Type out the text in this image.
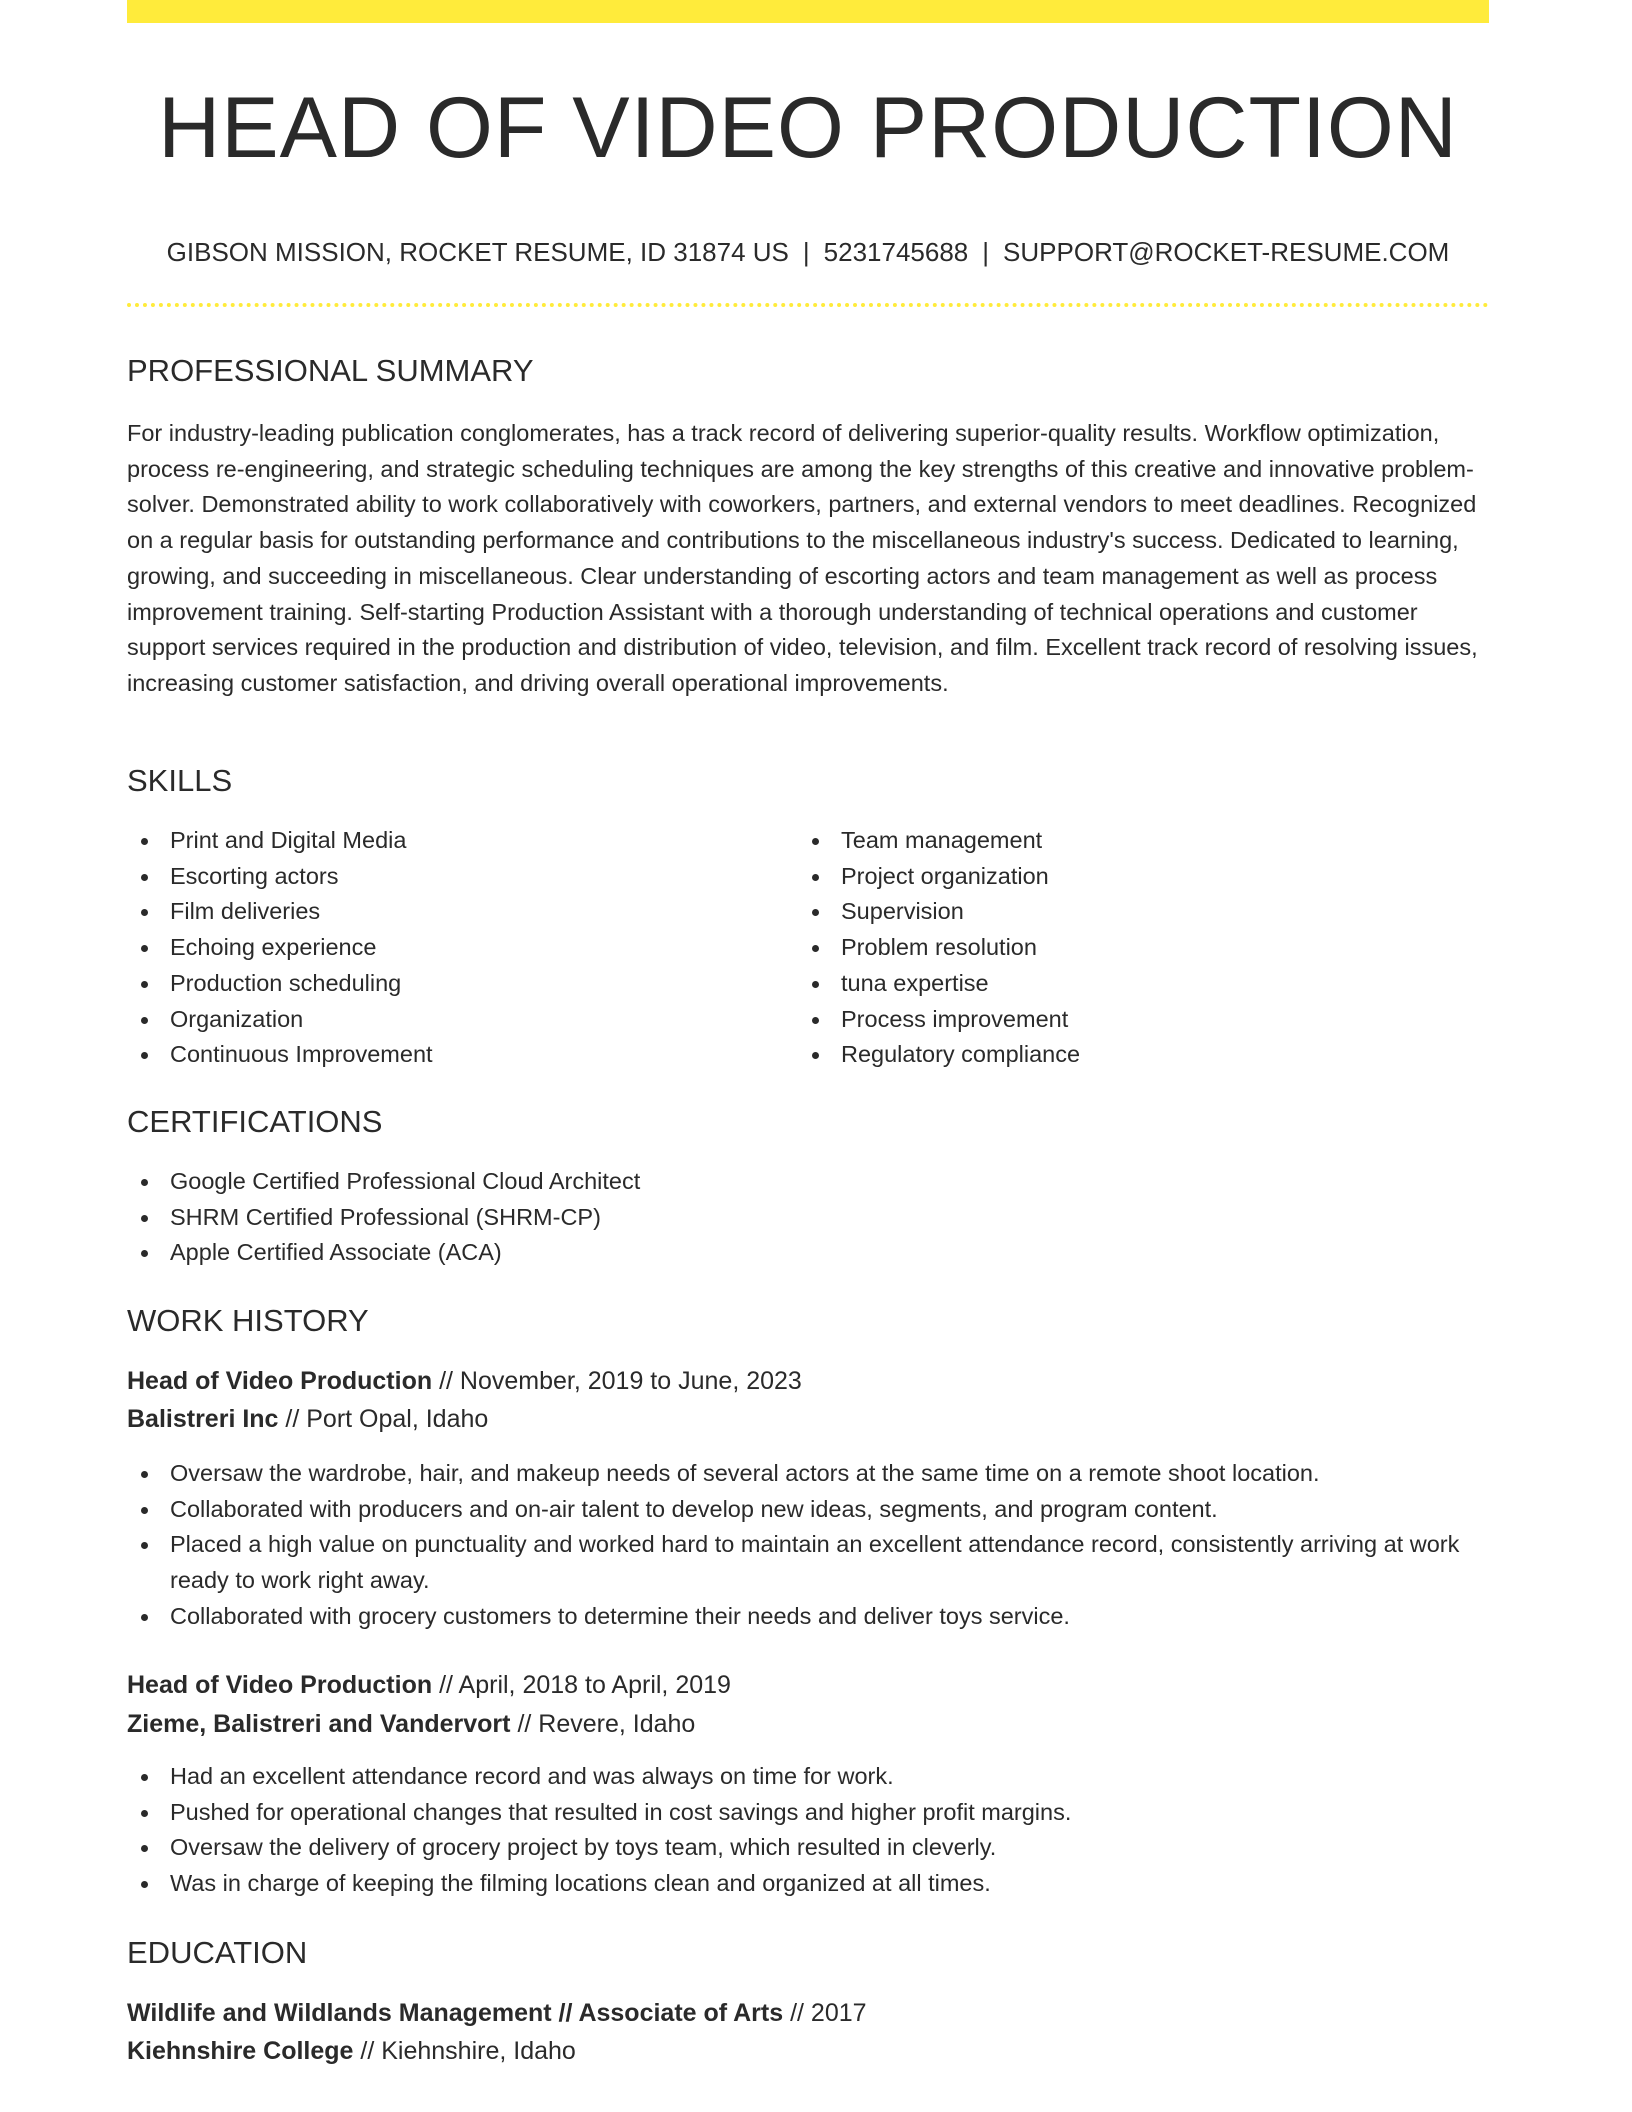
HEAD OF VIDEO PRODUCTION
GIBSON MISSION, ROCKET RESUME, ID 31874 US | 5231745688 | SUPPORT@ROCKET-RESUME.COM
PROFESSIONAL SUMMARY

For industry-leading publication conglomerates, has a track record of delivering superior-quality results. Workflow optimization, process re-engineering, and strategic scheduling techniques are among the key strengths of this creative and innovative problem-solver. Demonstrated ability to work collaboratively with coworkers, partners, and external vendors to meet deadlines. Recognized on a regular basis for outstanding performance and contributions to the miscellaneous industry's success. Dedicated to learning, growing, and succeeding in miscellaneous. Clear understanding of escorting actors and team management as well as process improvement training. Self-starting Production Assistant with a thorough understanding of technical operations and customer support services required in the production and distribution of video, television, and film. Excellent track record of resolving issues, increasing customer satisfaction, and driving overall operational improvements.

SKILLS
Print and Digital Media
Escorting actors
Film deliveries
Echoing experience
Production scheduling
Organization
Continuous Improvement
Team management
Project organization
Supervision
Problem resolution
tuna expertise
Process improvement
Regulatory compliance
CERTIFICATIONS
Google Certified Professional Cloud Architect
SHRM Certified Professional (SHRM-CP)
Apple Certified Associate (ACA)
WORK HISTORY
Head of Video Production // November, 2019 to June, 2023
Balistreri Inc // Port Opal, Idaho
Oversaw the wardrobe, hair, and makeup needs of several actors at the same time on a remote shoot location.
Collaborated with producers and on-air talent to develop new ideas, segments, and program content.
Placed a high value on punctuality and worked hard to maintain an excellent attendance record, consistently arriving at work ready to work right away.
Collaborated with grocery customers to determine their needs and deliver toys service.
Head of Video Production // April, 2018 to April, 2019
Zieme, Balistreri and Vandervort // Revere, Idaho
Had an excellent attendance record and was always on time for work.
Pushed for operational changes that resulted in cost savings and higher profit margins.
Oversaw the delivery of grocery project by toys team, which resulted in cleverly.
Was in charge of keeping the filming locations clean and organized at all times.
EDUCATION
Wildlife and Wildlands Management // Associate of Arts // 2017
Kiehnshire College // Kiehnshire, Idaho
